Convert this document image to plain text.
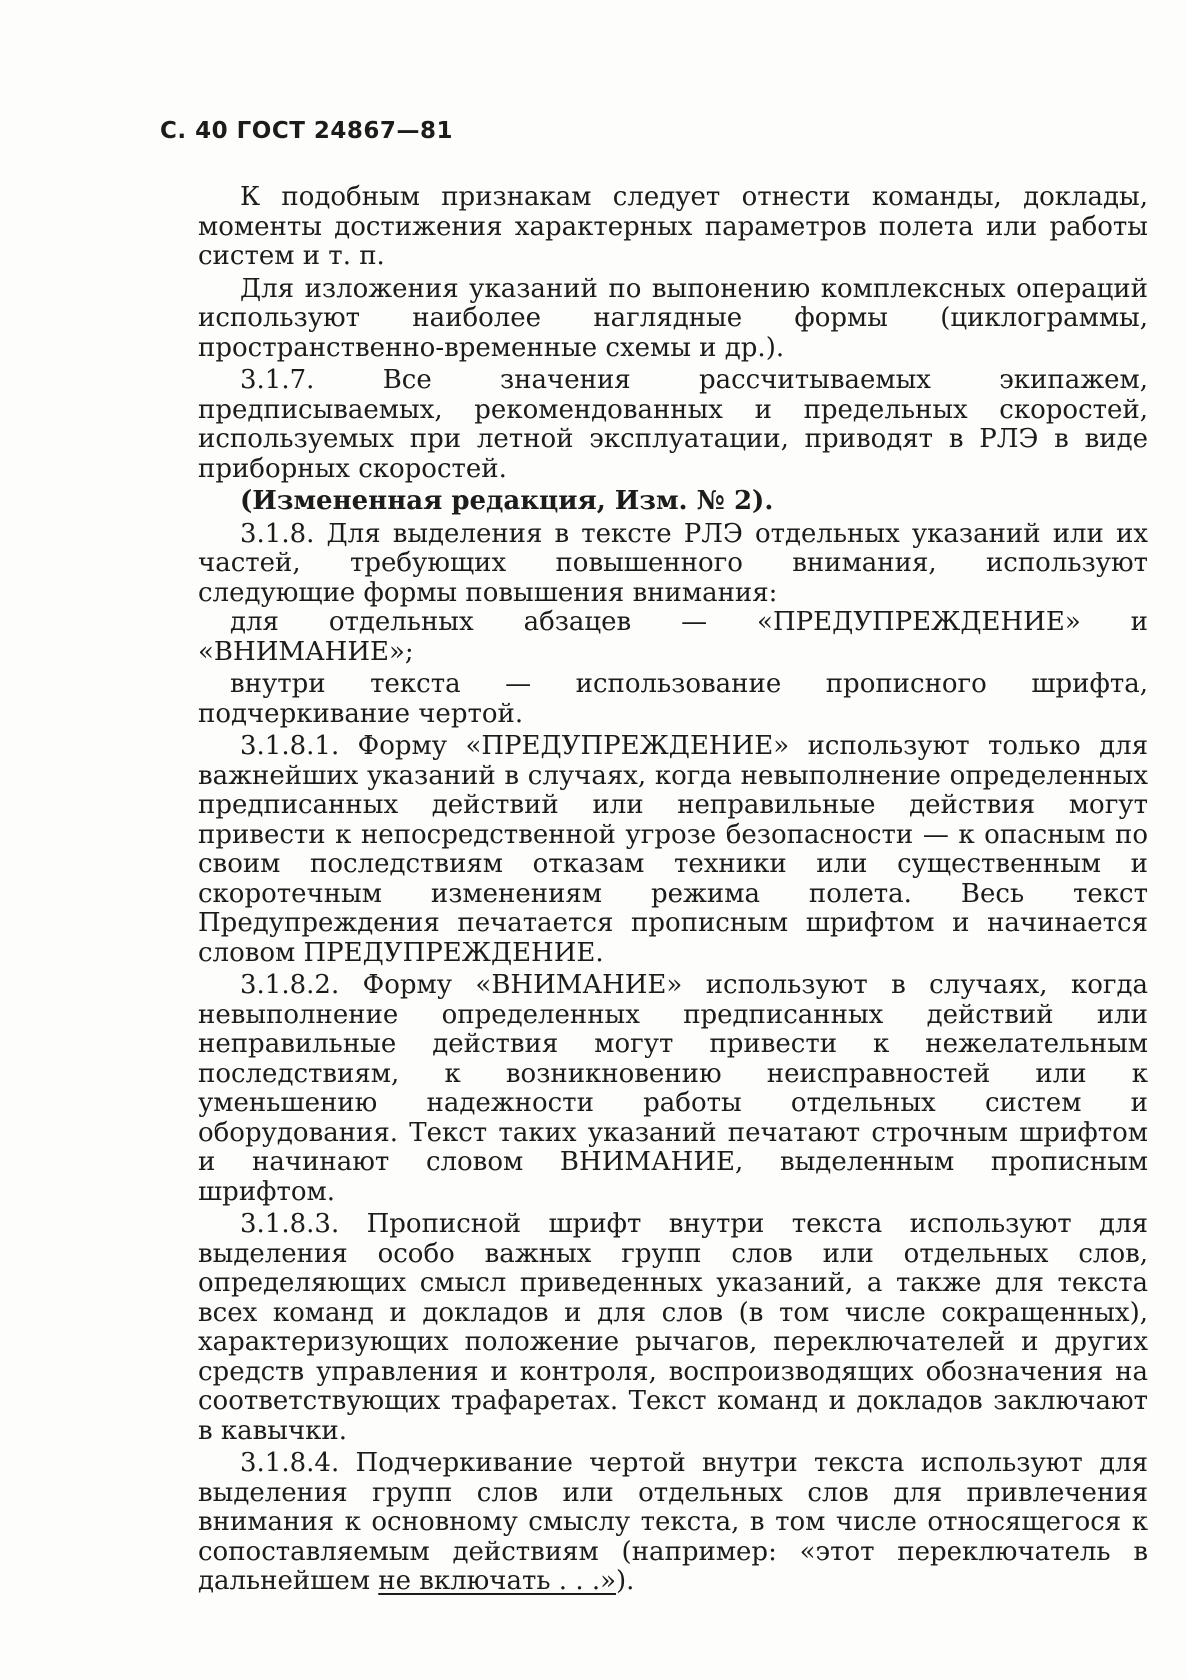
С. 40 ГОСТ 24867—81

К подобным признакам следует отнести команды, доклады, моменты достижения характерных параметров полета или работы систем и т. п.

Для изложения указаний по выпонению комплексных операций используют наиболее наглядные формы (циклограммы, пространственно-временные схемы и др.).

3.1.7. Все значения рассчитываемых экипажем, предписываемых, рекомендованных и предельных скоростей, используемых при летной эксплуатации, приводят в РЛЭ в виде приборных скоростей.

(Измененная редакция, Изм. № 2).

3.1.8. Для выделения в тексте РЛЭ отдельных указаний или их частей, требующих повышенного внимания, используют следующие формы повышения внимания:

для отдельных абзацев — «ПРЕДУПРЕЖДЕНИЕ» и «ВНИМАНИЕ»;

внутри текста — использование прописного шрифта, подчеркивание чертой.

3.1.8.1. Форму «ПРЕДУПРЕЖДЕНИЕ» используют только для важнейших указаний в случаях, когда невыполнение определенных предписанных действий или неправильные действия могут привести к непосредственной угрозе безопасности — к опасным по своим последствиям отказам техники или существенным и скоротечным изменениям режима полета. Весь текст Предупреждения печатается прописным шрифтом и начинается словом ПРЕДУПРЕЖДЕНИЕ.

3.1.8.2. Форму «ВНИМАНИЕ» используют в случаях, когда невыполнение определенных предписанных действий или неправильные действия могут привести к нежелательным последствиям, к возникновению неисправностей или к уменьшению надежности работы отдельных систем и оборудования. Текст таких указаний печатают строчным шрифтом и начинают словом ВНИМАНИЕ, выделенным прописным шрифтом.

3.1.8.3. Прописной шрифт внутри текста используют для выделения особо важных групп слов или отдельных слов, определяющих смысл приведенных указаний, а также для текста всех команд и докладов и для слов (в том числе сокращенных), характеризующих положение рычагов, переключателей и других средств управления и контроля, воспроизводящих обозначения на соответствующих трафаретах. Текст команд и докладов заключают в кавычки.

3.1.8.4. Подчеркивание чертой внутри текста используют для выделения групп слов или отдельных слов для привлечения внимания к основному смыслу текста, в том числе относящегося к сопоставляемым действиям (например: «этот переключатель в дальнейшем не включать . . .»).
